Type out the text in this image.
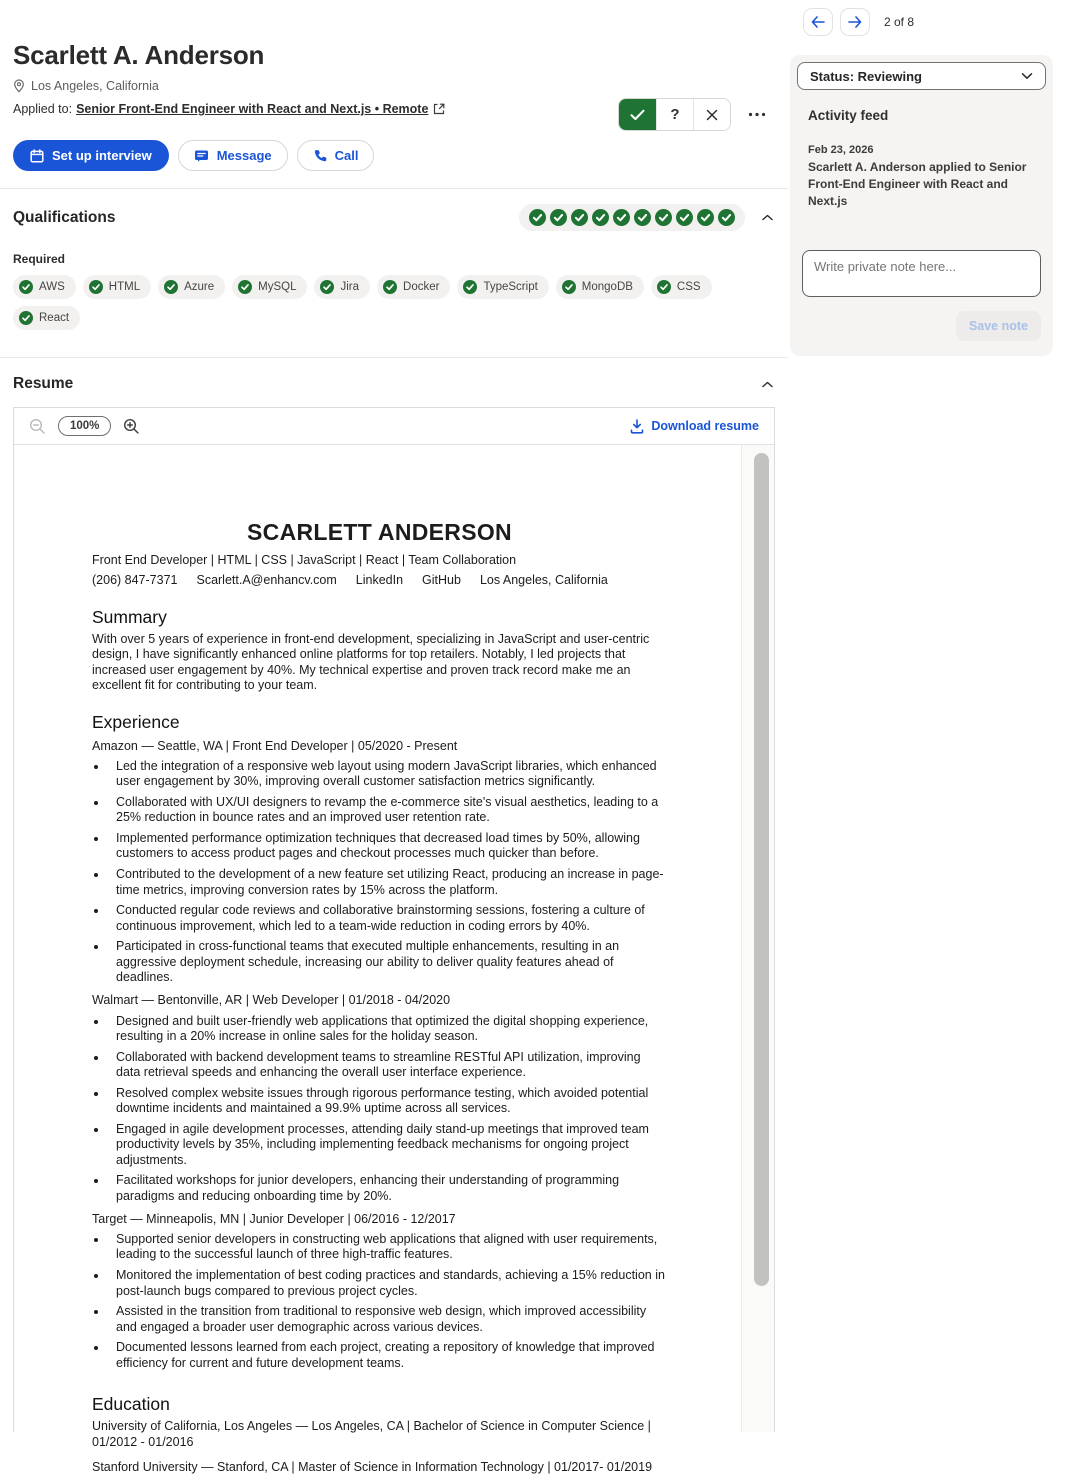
Scarlett A. Anderson
Los Angeles, California
Applied to: Senior Front-End Engineer with React and Next.js • Remote	?
Set up interview	Message	Call
Qualifications
Required
AWS	HTML	Azure	MySQL	Jira	Docker	TypeScript	MongoDB	CSS
React
Resume
100%	Download resume
SCARLETT ANDERSON
Front End Developer | HTML | CSS | JavaScript | React | Team Collaboration
(206) 847-7371 Scarlett.A@enhancv.com LinkedIn GitHub Los Angeles, California
Summary
With over 5 years of experience in front-end development, specializing in JavaScript and user-centric design, I have significantly enhanced online platforms for top retailers. Notably, I led projects that increased user engagement by 40%. My technical expertise and proven track record make me an excellent fit for contributing to your team.
Experience
Amazon — Seattle, WA | Front End Developer | 05/2020 - Present
• Led the integration of a responsive web layout using modern JavaScript libraries, which enhanced user engagement by 30%, improving overall customer satisfaction metrics significantly.
• Collaborated with UX/UI designers to revamp the e-commerce site's visual aesthetics, leading to a 25% reduction in bounce rates and an improved user retention rate.
• Implemented performance optimization techniques that decreased load times by 50%, allowing customers to access product pages and checkout processes much quicker than before.
• Contributed to the development of a new feature set utilizing React, producing an increase in page-time metrics, improving conversion rates by 15% across the platform.
• Conducted regular code reviews and collaborative brainstorming sessions, fostering a culture of continuous improvement, which led to a team-wide reduction in coding errors by 40%.
• Participated in cross-functional teams that executed multiple enhancements, resulting in an aggressive deployment schedule, increasing our ability to deliver quality features ahead of deadlines.
Walmart — Bentonville, AR | Web Developer | 01/2018 - 04/2020
• Designed and built user-friendly web applications that optimized the digital shopping experience, resulting in a 20% increase in online sales for the holiday season.
• Collaborated with backend development teams to streamline RESTful API utilization, improving data retrieval speeds and enhancing the overall user interface experience.
• Resolved complex website issues through rigorous performance testing, which avoided potential downtime incidents and maintained a 99.9% uptime across all services.
• Engaged in agile development processes, attending daily stand-up meetings that improved team productivity levels by 35%, including implementing feedback mechanisms for ongoing project adjustments.
• Facilitated workshops for junior developers, enhancing their understanding of programming paradigms and reducing onboarding time by 20%.
Target — Minneapolis, MN | Junior Developer | 06/2016 - 12/2017
• Supported senior developers in constructing web applications that aligned with user requirements, leading to the successful launch of three high-traffic features.
• Monitored the implementation of best coding practices and standards, achieving a 15% reduction in post-launch bugs compared to previous project cycles.
• Assisted in the transition from traditional to responsive web design, which improved accessibility and engaged a broader user demographic across various devices.
• Documented lessons learned from each project, creating a repository of knowledge that improved efficiency for current and future development teams.
Education

University of California, Los Angeles — Los Angeles, CA | Bachelor of Science in Computer Science | 01/2012 - 01/2016

Stanford University — Stanford, CA | Master of Science in Information Technology | 01/2017- 01/2019

2 of 8
Status: Reviewing
Activity feed
Feb 23, 2026
Scarlett A. Anderson applied to Senior Front-End Engineer with React and Next.js
Write private note here...
Save note
